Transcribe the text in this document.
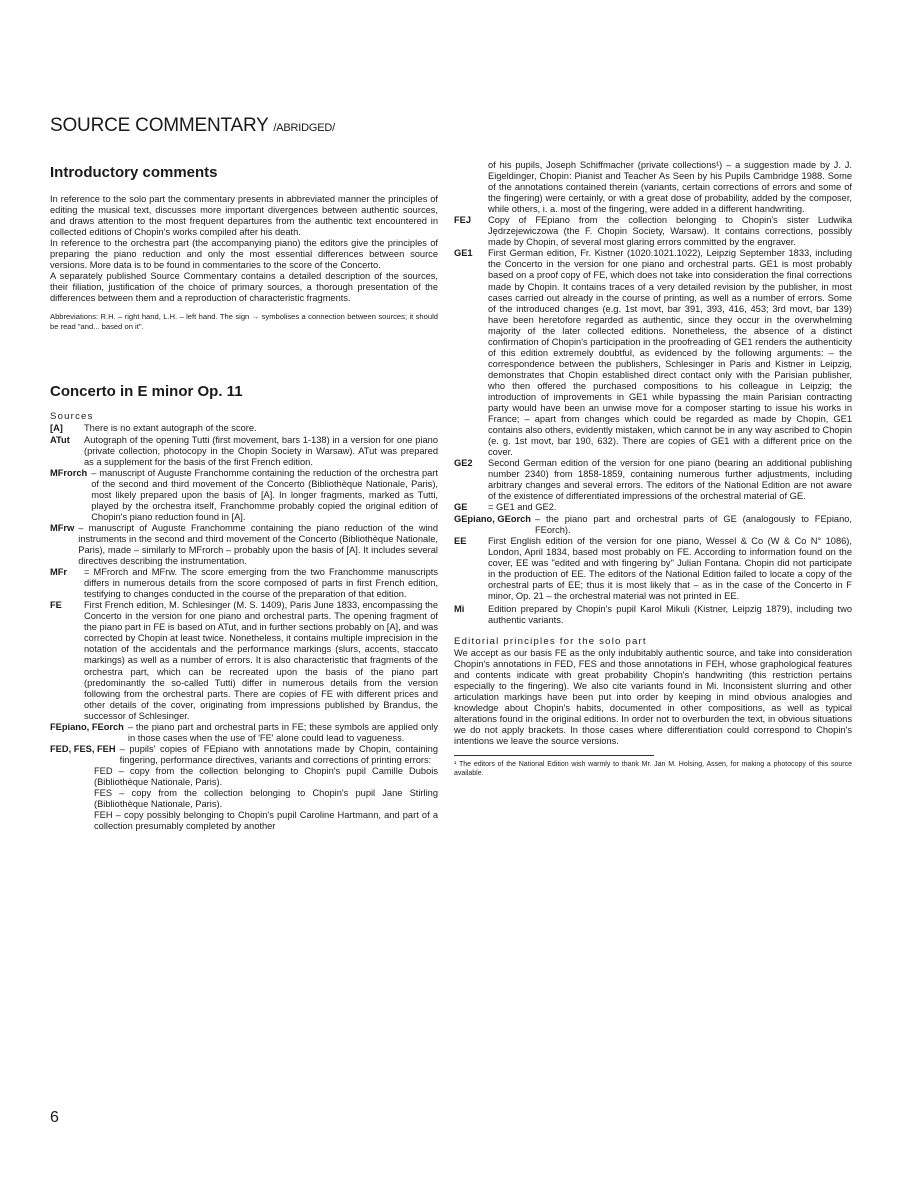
SOURCE COMMENTARY /ABRIDGED/
Introductory comments

In reference to the solo part the commentary presents in abbreviated manner the principles of editing the musical text, discusses more important divergences between authentic sources, and draws attention to the most frequent departures from the authentic text encountered in collected editions of Chopin's works compiled after his death.

In reference to the orchestra part (the accompanying piano) the editors give the principles of preparing the piano reduction and only the most essential differences between source versions. More data is to be found in commentaries to the score of the Concerto.

A separately published Source Commentary contains a detailed description of the sources, their filiation, justification of the choice of primary sources, a thorough presentation of the differences between them and a reproduction of characteristic fragments.

Abbreviations: R.H. – right hand, L.H. – left hand. The sign → symbolises a connection between sources; it should be read "and... based on it".

Concerto in E minor Op. 11
Sources
[A]	There is no extant autograph of the score.
ATut	Autograph of the opening Tutti (first movement, bars 1-138) in a version for one piano (private collection, photocopy in the Chopin Society in Warsaw). ATut was prepared as a supplement for the basis of the first French edition.
MFrorch – manuscript of Auguste Franchomme containing the reduction of the orchestra part of the second and third movement of the Concerto (Bibliothèque Nationale, Paris), most likely prepared upon the basis of [A]. In longer fragments, marked as Tutti, played by the orchestra itself, Franchomme probably copied the original edition of Chopin's piano reduction found in [A].
MFrw – manuscript of Auguste Franchomme containing the piano reduction of the wind instruments in the second and third movement of the Concerto (Bibliothèque Nationale, Paris), made – similarly to MFrorch – probably upon the basis of [A]. It includes several directives describing the instrumentation.
MFr	= MFrorch and MFrw. The score emerging from the two Franchomme manuscripts differs in numerous details from the score composed of parts in first French edition, testifying to changes conducted in the course of the preparation of that edition.
FE	First French edition, M. Schlesinger (M. S. 1409), Paris June 1833, encompassing the Concerto in the version for one piano and orchestral parts. The opening fragment of the piano part in FE is based on ATut, and in further sections probably on [A], and was corrected by Chopin at least twice. Nonetheless, it contains multiple imprecision in the notation of the accidentals and the performance markings (slurs, accents, staccato markings) as well as a number of errors. It is also characteristic that fragments of the orchestra part, which can be recreated upon the basis of the piano part (predominantly the so-called Tutti) differ in numerous details from the version following from the orchestral parts. There are copies of FE with different prices and other details of the cover, originating from impressions published by Brandus, the successor of Schlesinger.
FEpiano, FEorch – the piano part and orchestral parts in FE; these symbols are applied only in those cases when the use of 'FE' alone could lead to vagueness.
FED, FES, FEH – pupils' copies of FEpiano with annotations made by Chopin, containing fingering, performance directives, variants and corrections of printing errors:

FED – copy from the collection belonging to Chopin's pupil Camille Dubois (Bibliothèque Nationale, Paris).

FES – copy from the collection belonging to Chopin's pupil Jane Stirling (Bibliothèque Nationale, Paris).

FEH – copy possibly belonging to Chopin's pupil Caroline Hartmann, and part of a collection presumably completed by another

of his pupils, Joseph Schiffmacher (private collections¹) – a suggestion made by J. J. Eigeldinger, Chopin: Pianist and Teacher As Seen by his Pupils Cambridge 1988. Some of the annotations contained therein (variants, certain corrections of errors and some of the fingering) were certainly, or with a great dose of probability, added by the composer, while others, i. a. most of the fingering, were added in a different handwriting.

FEJ	Copy of FEpiano from the collection belonging to Chopin's sister Ludwika Jędrzejewiczowa (the F. Chopin Society, Warsaw). It contains corrections, possibly made by Chopin, of several most glaring errors committed by the engraver.
GE1	First German edition, Fr. Kistner (1020.1021.1022), Leipzig September 1833, including the Concerto in the version for one piano and orchestral parts. GE1 is most probably based on a proof copy of FE, which does not take into consideration the final corrections made by Chopin. It contains traces of a very detailed revision by the publisher, in most cases carried out already in the course of printing, as well as a number of errors. Some of the introduced changes (e.g. 1st movt, bar 391, 393, 416, 453; 3rd movt, bar 139) have been heretofore regarded as authentic, since they occur in the overwhelming majority of the later collected editions. Nonetheless, the absence of a distinct confirmation of Chopin's participation in the proofreading of GE1 renders the authenticity of this edition extremely doubtful, as evidenced by the following arguments: – the correspondence between the publishers, Schlesinger in Paris and Kistner in Leipzig, demonstrates that Chopin established direct contact only with the Parisian publisher, who then offered the purchased compositions to his colleague in Leipzig; the introduction of improvements in GE1 while bypassing the main Parisian contracting party would have been an unwise move for a composer starting to issue his works in France; – apart from changes which could be regarded as made by Chopin, GE1 contains also others, evidently mistaken, which cannot be in any way ascribed to Chopin (e. g. 1st movt, bar 190, 632). There are copies of GE1 with a different price on the cover.
GE2	Second German edition of the version for one piano (bearing an additional publishing number 2340) from 1858-1859, containing numerous further adjustments, including arbitrary changes and several errors. The editors of the National Edition are not aware of the existence of differentiated impressions of the orchestral material of GE.
GE	= GE1 and GE2.
GEpiano, GEorch – the piano part and orchestral parts of GE (analogously to FEpiano, FEorch).
EE	First English edition of the version for one piano, Wessel & Co (W & Co N° 1086), London, April 1834, based most probably on FE. According to information found on the cover, EE was "edited and with fingering by" Julian Fontana. Chopin did not participate in the production of EE. The editors of the National Edition failed to locate a copy of the orchestral parts of EE; thus it is most likely that – as in the case of the Concerto in F minor, Op. 21 – the orchestral material was not printed in EE.
Mi	Edition prepared by Chopin's pupil Karol Mikuli (Kistner, Leipzig 1879), including two authentic variants.
Editorial principles for the solo part

We accept as our basis FE as the only indubitably authentic source, and take into consideration Chopin's annotations in FED, FES and those annotations in FEH, whose graphological features and contents indicate with great probability Chopin's handwriting (this restriction pertains especially to the fingering). We also cite variants found in Mi. Inconsistent slurring and other articulation markings have been put into order by keeping in mind obvious analogies and knowledge about Chopin's habits, documented in other compositions, as well as typical alterations found in the original editions. In order not to overburden the text, in obvious situations we do not apply brackets. In those cases where differentiation could correspond to Chopin's intentions we leave the source versions.

¹ The editors of the National Edition wish warmly to thank Mr. Jan M. Holsing, Assen, for making a photocopy of this source available.

6
